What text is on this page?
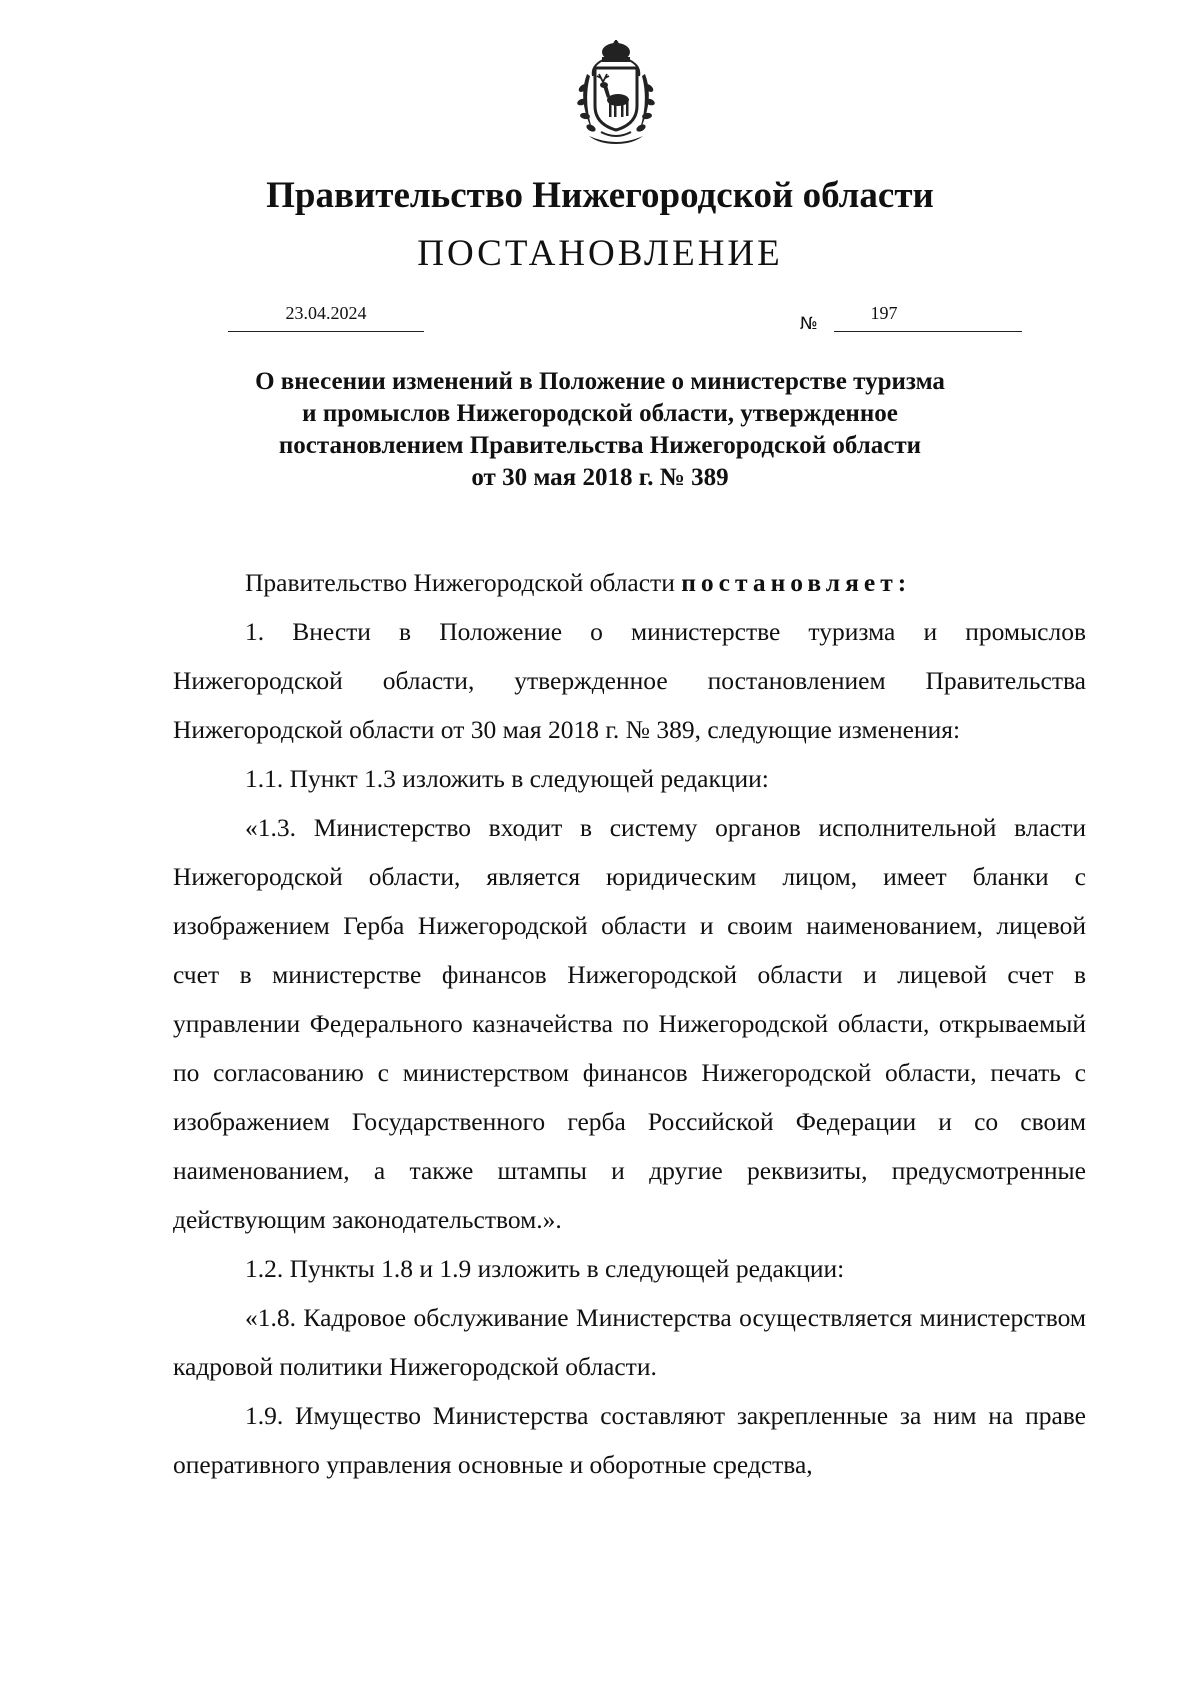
Правительство Нижегородской области
ПОСТАНОВЛЕНИЕ
23.04.2024
№
197
О внесении изменений в Положение о министерстве туризма
и промыслов Нижегородской области, утвержденное
постановлением Правительства Нижегородской области
от 30 мая 2018 г. № 389

Правительство Нижегородской области постановляет:

1. Внести в Положение о министерстве туризма и промыслов Нижегородской области, утвержденное постановлением Правительства Нижегородской области от 30 мая 2018 г. № 389, следующие изменения:

1.1. Пункт 1.3 изложить в следующей редакции:

«1.3. Министерство входит в систему органов исполнительной власти Нижегородской области, является юридическим лицом, имеет бланки с изображением Герба Нижегородской области и своим наименованием, лицевой счет в министерстве финансов Нижегородской области и лицевой счет в управлении Федерального казначейства по Нижегородской области, открываемый по согласованию с министерством финансов Нижегородской области, печать с изображением Государственного герба Российской Федерации и со своим наименованием, а также штампы и другие реквизиты, предусмотренные действующим законодательством.».

1.2. Пункты 1.8 и 1.9 изложить в следующей редакции:

«1.8. Кадровое обслуживание Министерства осуществляется министерством кадровой политики Нижегородской области.

1.9. Имущество Министерства составляют закрепленные за ним на праве оперативного управления основные и оборотные средства,
